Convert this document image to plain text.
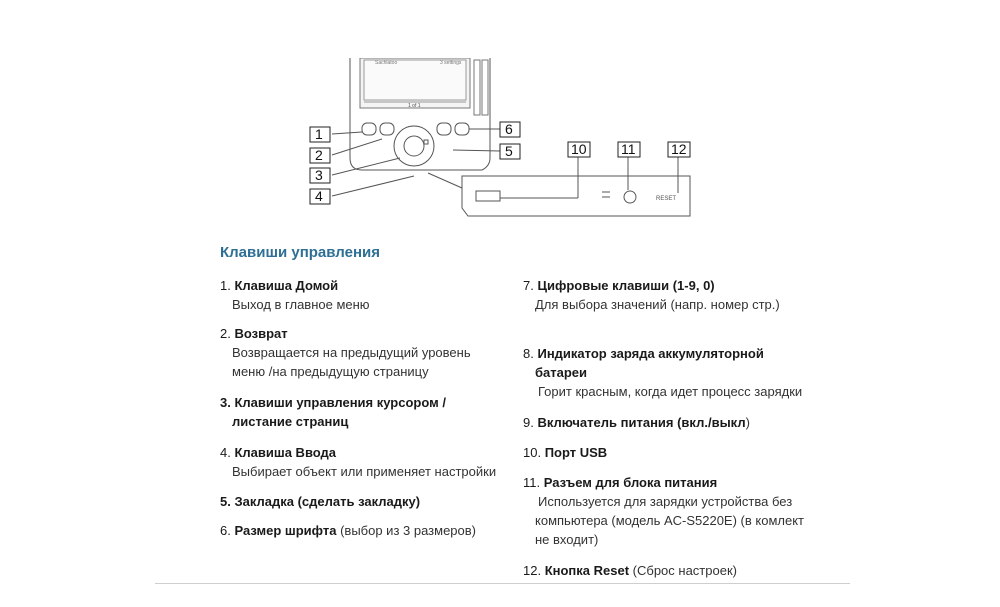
Sachlatoo	3 settings
1 of 1
RESET
1
2
3
4
6
5	10 11	12
Клавиши управления
1. Клавиша Домой
Выход в главное меню
2. Возврат
Возвращается на предыдущий уровень
меню /на предыдущую страницу
3. Клавиши управления курсором /
листание страниц
4. Клавиша Ввода
Выбирает объект или применяет настройки
5. Закладка (сделать закладку)
6. Размер шрифта (выбор из 3 размеров)
7. Цифровые клавиши (1-9, 0)
Для выбора значений (напр. номер стр.)
8. Индикатор заряда аккумуляторной
батареи
Горит красным, когда идет процесс зарядки
9. Включатель питания (вкл./выкл)
10. Порт USB
11. Разъем для блока питания
Используется для зарядки устройства без
компьютера (модель AC-S5220E) (в комлект
не входит)
12. Кнопка Reset (Сброс настроек)
